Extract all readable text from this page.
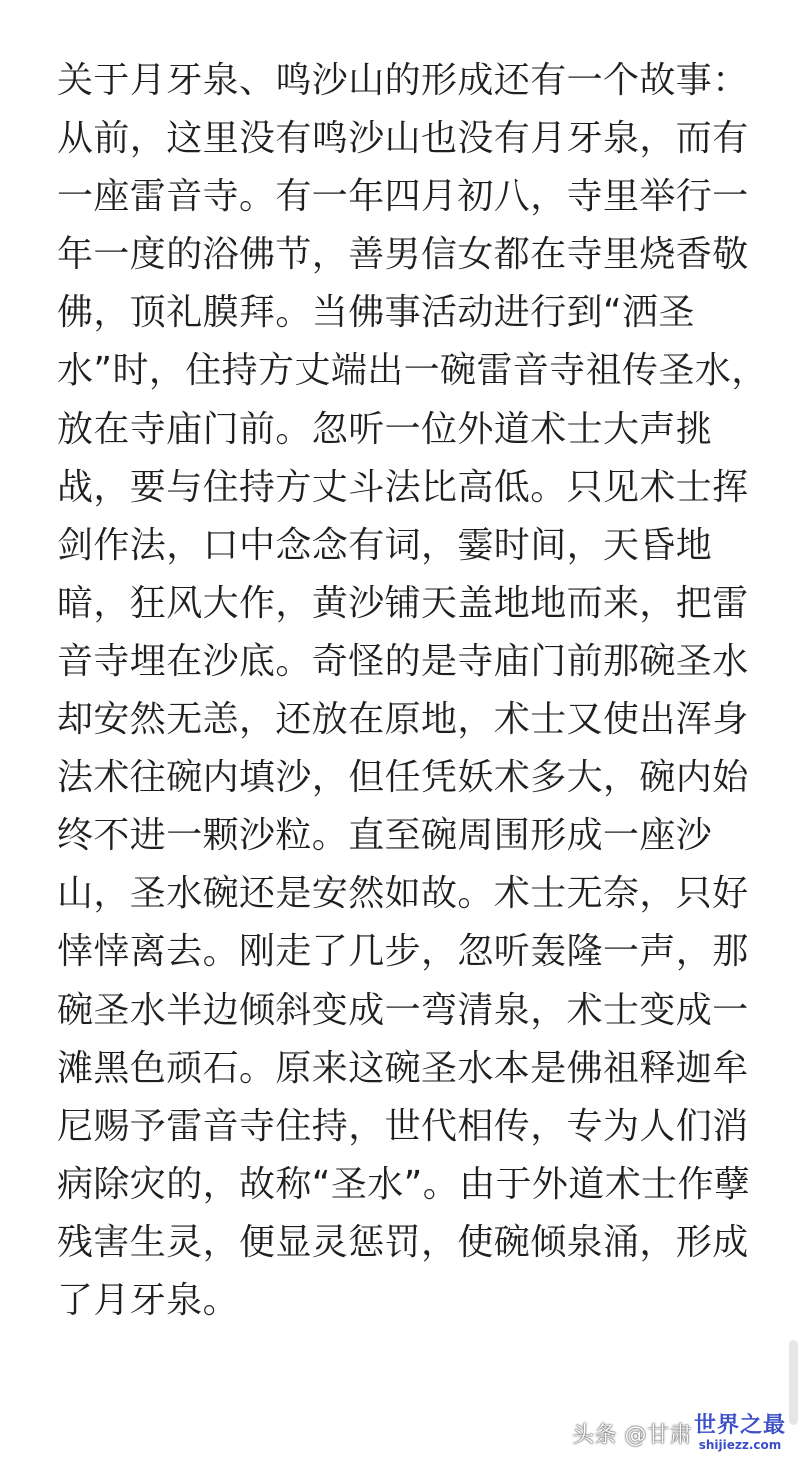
关于月牙泉、鸣沙山的形成还有一个故事：
从前，这里没有鸣沙山也没有月牙泉，而有
一座雷音寺。有一年四月初八，寺里举行一
年一度的浴佛节，善男信女都在寺里烧香敬
佛，顶礼膜拜。当佛事活动进行到“洒圣
水”时，住持方丈端出一碗雷音寺祖传圣水，
放在寺庙门前。忽听一位外道术士大声挑
战，要与住持方丈斗法比高低。只见术士挥
剑作法，口中念念有词，霎时间，天昏地
暗，狂风大作，黄沙铺天盖地地而来，把雷
音寺埋在沙底。奇怪的是寺庙门前那碗圣水
却安然无恙，还放在原地，术士又使出浑身
法术往碗内填沙，但任凭妖术多大，碗内始
终不进一颗沙粒。直至碗周围形成一座沙
山，圣水碗还是安然如故。术士无奈，只好
悻悻离去。刚走了几步，忽听轰隆一声，那
碗圣水半边倾斜变成一弯清泉，术士变成一
滩黑色顽石。原来这碗圣水本是佛祖释迦牟
尼赐予雷音寺住持，世代相传，专为人们消
病除灾的，故称“圣水”。由于外道术士作孽
残害生灵，便显灵惩罚，使碗倾泉涌，形成
了月牙泉。
头条 @甘肃 世界之最
shijiezz.com
